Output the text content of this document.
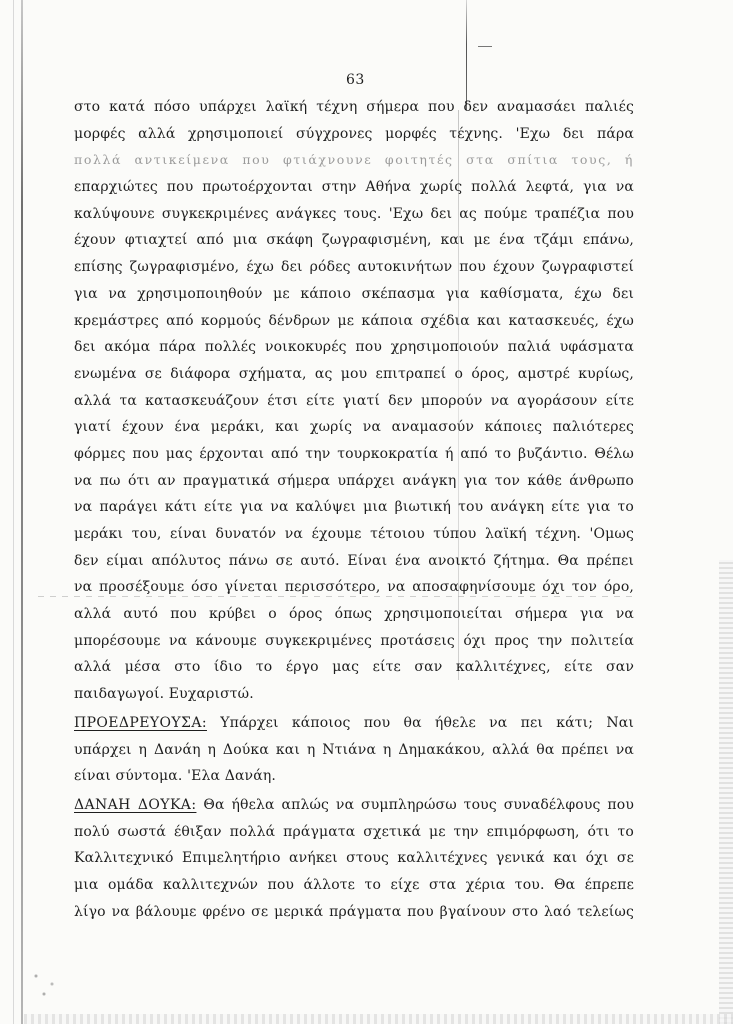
63
στο κατά πόσο υπάρχει λαϊκή τέχνη σήμερα που δεν αναμασάει παλιές
μορφές αλλά χρησιμοποιεί σύγχρονες μορφές τέχνης. 'Εχω δει πάρα
πολλά αντικείμενα που φτιάχνουνε φοιτητές στα σπίτια τους, ή
επαρχιώτες που πρωτοέρχονται στην Αθήνα χωρίς πολλά λεφτά, για να
καλύψουνε συγκεκριμένες ανάγκες τους. 'Εχω δει ας πούμε τραπέζια που
έχουν φτιαχτεί από μια σκάφη ζωγραφισμένη, και με ένα τζάμι επάνω,
επίσης ζωγραφισμένο, έχω δει ρόδες αυτοκινήτων που έχουν ζωγραφιστεί
για να χρησιμοποιηθούν με κάποιο σκέπασμα για καθίσματα, έχω δει
κρεμάστρες από κορμούς δένδρων με κάποια σχέδια και κατασκευές, έχω
δει ακόμα πάρα πολλές νοικοκυρές που χρησιμοποιούν παλιά υφάσματα
ενωμένα σε διάφορα σχήματα, ας μου επιτραπεί ο όρος, αμστρέ κυρίως,
αλλά τα κατασκευάζουν έτσι είτε γιατί δεν μπορούν να αγοράσουν είτε
γιατί έχουν ένα μεράκι, και χωρίς να αναμασούν κάποιες παλιότερες
φόρμες που μας έρχονται από την τουρκοκρατία ή από το βυζάντιο. Θέλω
να πω ότι αν πραγματικά σήμερα υπάρχει ανάγκη για τον κάθε άνθρωπο
να παράγει κάτι είτε για να καλύψει μια βιωτική του ανάγκη είτε για το
μεράκι του, είναι δυνατόν να έχουμε τέτοιου τύπου λαϊκή τέχνη. 'Ομως
δεν είμαι απόλυτος πάνω σε αυτό. Είναι ένα ανοικτό ζήτημα. Θα πρέπει
να προσέξουμε όσο γίνεται περισσότερο, να αποσαφηνίσουμε όχι τον όρο,
αλλά αυτό που κρύβει ο όρος όπως χρησιμοποιείται σήμερα για να
μπορέσουμε να κάνουμε συγκεκριμένες προτάσεις όχι προς την πολιτεία
αλλά μέσα στο ίδιο το έργο μας είτε σαν καλλιτέχνες, είτε σαν
παιδαγωγοί. Ευχαριστώ.
ΠΡΟΕΔΡΕΥΟΥΣΑ: Υπάρχει κάποιος που θα ήθελε να πει κάτι; Ναι
υπάρχει η Δανάη η Δούκα και η Ντιάνα η Δημακάκου, αλλά θα πρέπει να
είναι σύντομα. 'Ελα Δανάη.
ΔΑΝΑΗ ΔΟΥΚΑ: Θα ήθελα απλώς να συμπληρώσω τους συναδέλφους που
πολύ σωστά έθιξαν πολλά πράγματα σχετικά με την επιμόρφωση, ότι το
Καλλιτεχνικό Επιμελητήριο ανήκει στους καλλιτέχνες γενικά και όχι σε
μια ομάδα καλλιτεχνών που άλλοτε το είχε στα χέρια του. Θα έπρεπε
λίγο να βάλουμε φρένο σε μερικά πράγματα που βγαίνουν στο λαό τελείως
